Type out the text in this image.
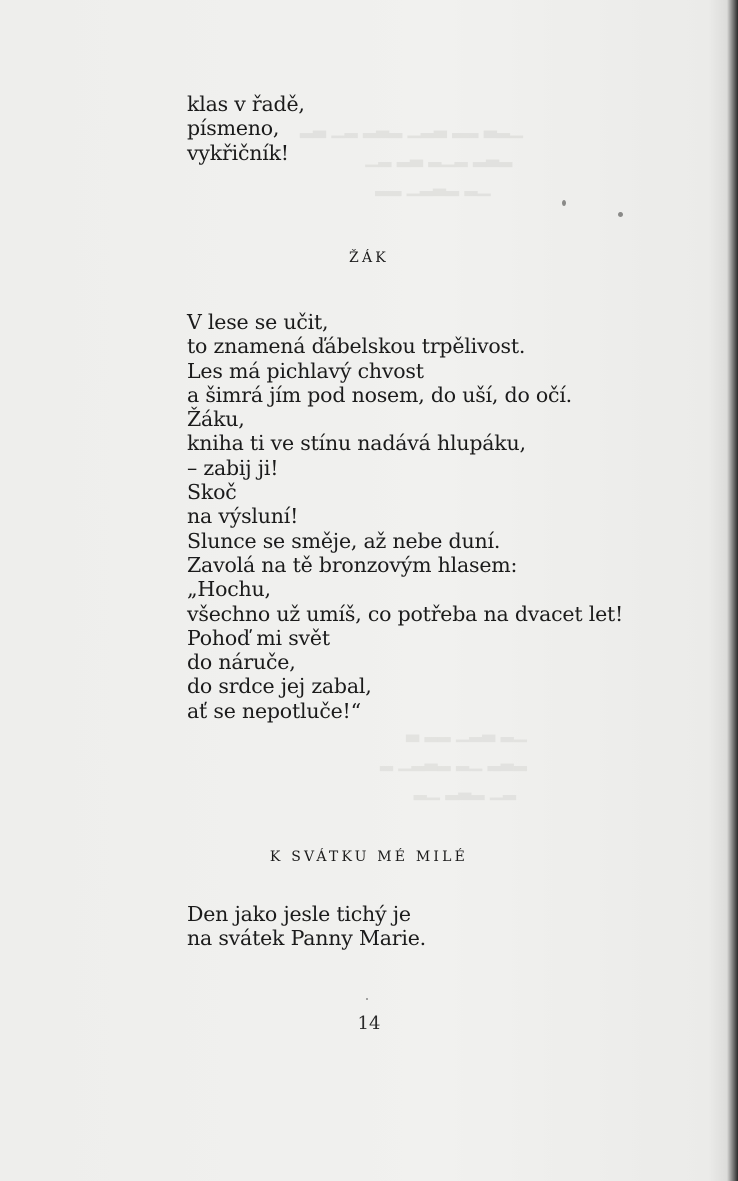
▁▂▃ ▂▂ ▃▂▁ ▂▃▂ ▂▁ ▃▂
▂▃▂ ▂▁▂ ▃▂ ▂▁
▁▂ ▂▃▂▁ ▂▂

▁▂ ▃▂▁ ▂▂ ▃
▂▃▂ ▁▂ ▂▃▂▁ ▂
▂▁ ▂▃▂ ▁▂

klas v řadě,
písmeno,
vykřičník!
ŽÁK
V lese se učit,
to znamená ďábelskou trpělivost.
Les má pichlavý chvost
a šimrá jím pod nosem, do uší, do očí.
Žáku,
kniha ti ve stínu nadává hlupáku,
– zabij ji!
Skoč
na výsluní!
Slunce se směje, až nebe duní.
Zavolá na tě bronzovým hlasem:
„Hochu,
všechno už umíš, co potřeba na dvacet let!
Pohoď mi svět
do náruče,
do srdce jej zabal,
ať se nepotluče!“
K SVÁTKU MÉ MILÉ
Den jako jesle tichý je
na svátek Panny Marie.
14
